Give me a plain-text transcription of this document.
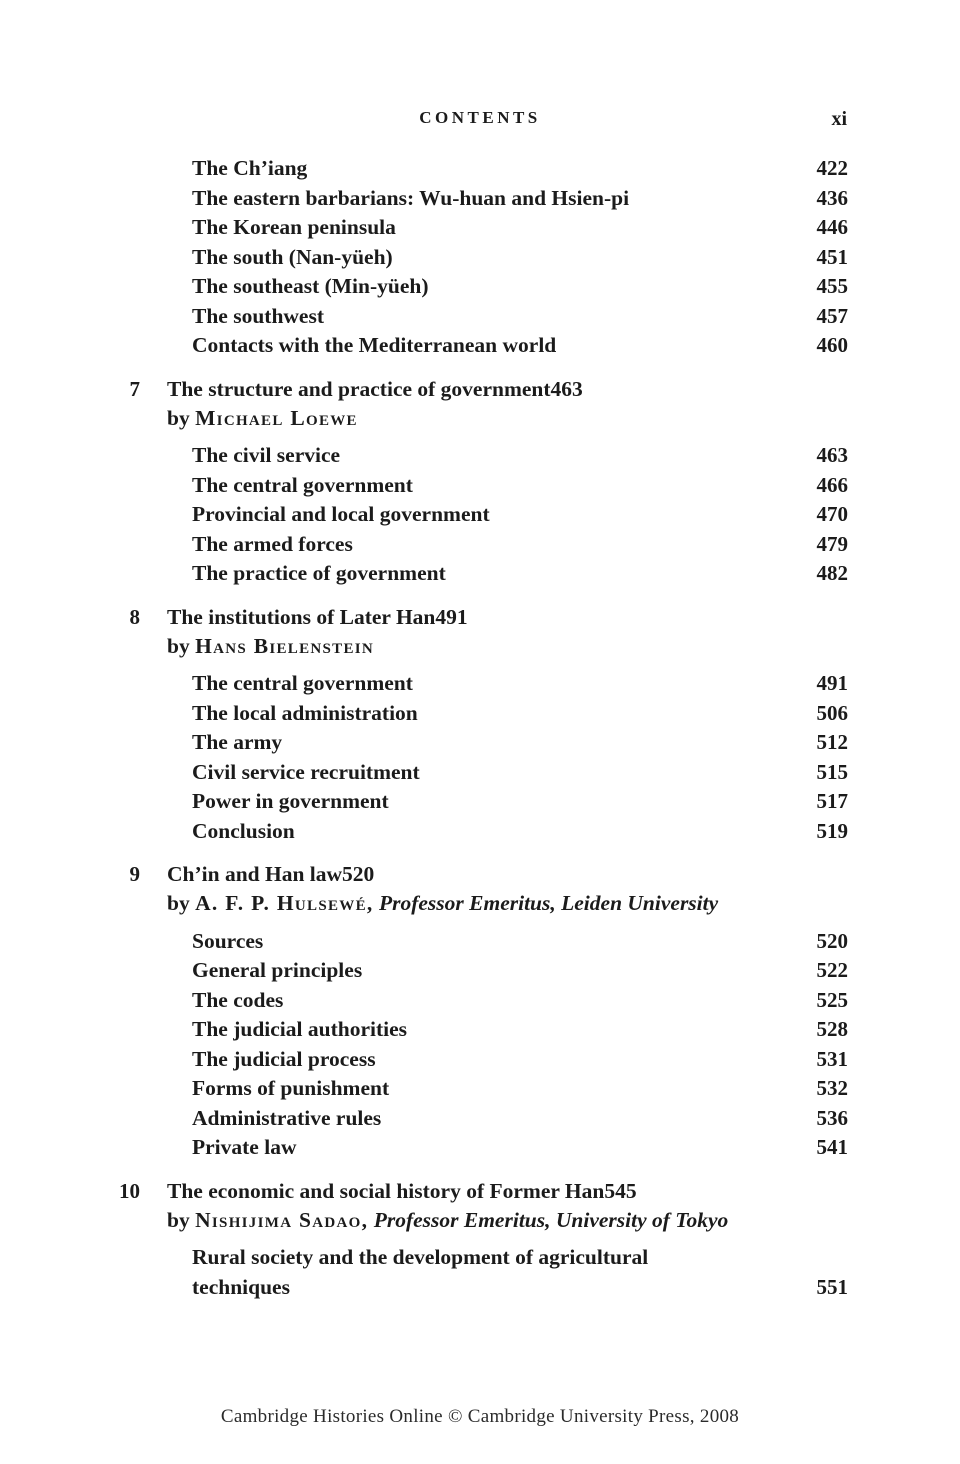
CONTENTS	xi
The Ch’iang	422
The eastern barbarians: Wu-huan and Hsien-pi	436
The Korean peninsula	446
The south (Nan-yüeh)	451
The southeast (Min-yüeh)	455
The southwest	457
Contacts with the Mediterranean world	460
7 The structure and practice of government 463
by Michael Loewe
The civil service	463
The central government	466
Provincial and local government	470
The armed forces	479
The practice of government	482
8 The institutions of Later Han 491
by Hans Bielenstein
The central government	491
The local administration	506
The army	512
Civil service recruitment	515
Power in government	517
Conclusion	519
9 Ch’in and Han law 520
by A. F. P. Hulsewé, Professor Emeritus, Leiden University
Sources	520
General principles	522
The codes	525
The judicial authorities	528
The judicial process	531
Forms of punishment	532
Administrative rules	536
Private law	541
10 The economic and social history of Former Han 545
by Nishijima Sadao, Professor Emeritus, University of Tokyo
Rural society and the development of agricultural techniques	551
Cambridge Histories Online © Cambridge University Press, 2008
